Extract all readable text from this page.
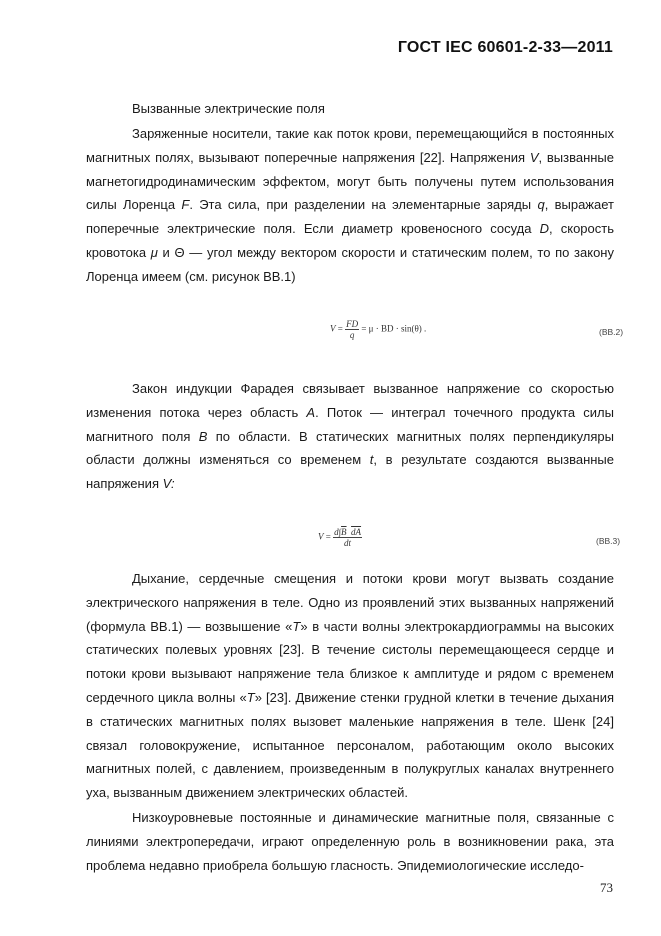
ГОСТ IEC 60601-2-33—2011
Вызванные электрические поля

Заряженные носители, такие как поток крови, перемещающийся в постоянных магнитных полях, вызывают поперечные напряжения [22]. Напряжения V, вызванные магнетогидродинамическим эффектом, могут быть получены путем использования силы Лоренца F. Эта сила, при разделении на элементарные заряды q, выражает поперечные электрические поля. Если диаметр кровеносного сосуда D, скорость кровотока μ и Θ — угол между вектором скорости и статическим полем, то по закону Лоренца имеем (см. рисунок ВВ.1)

$V = \frac{FD}{q} = \mu$ · BD · sin(θ) .	(ВВ.2)

Закон индукции Фарадея связывает вызванное напряжение со скоростью изменения потока через область A. Поток — интеграл точечного продукта силы магнитного поля B по области. В статических магнитных полях перпендикуляры области должны изменяться со временем t, в результате создаются вызванные напряжения V:

$V = \frac{d\int\overline{B} \overline{dA}}{dt}$	(ВВ.3)

Дыхание, сердечные смещения и потоки крови могут вызвать создание электрического напряжения в теле. Одно из проявлений этих вызванных напряжений (формула ВВ.1) — возвышение «T» в части волны электрокардиограммы на высоких статических полевых уровнях [23]. В течение систолы перемещающееся сердце и потоки крови вызывают напряжение тела близкое к амплитуде и рядом с временем сердечного цикла волны «T» [23]. Движение стенки грудной клетки в течение дыхания в статических магнитных полях вызовет маленькие напряжения в теле. Шенк [24] связал головокружение, испытанное персоналом, работающим около высоких магнитных полей, с давлением, произведенным в полукруглых каналах внутреннего уха, вызванным движением электрических областей.

Низкоуровневые постоянные и динамические магнитные поля, связанные с линиями электропередачи, играют определенную роль в возникновении рака, эта проблема недавно приобрела большую гласность. Эпидемиологические исследо-

73
